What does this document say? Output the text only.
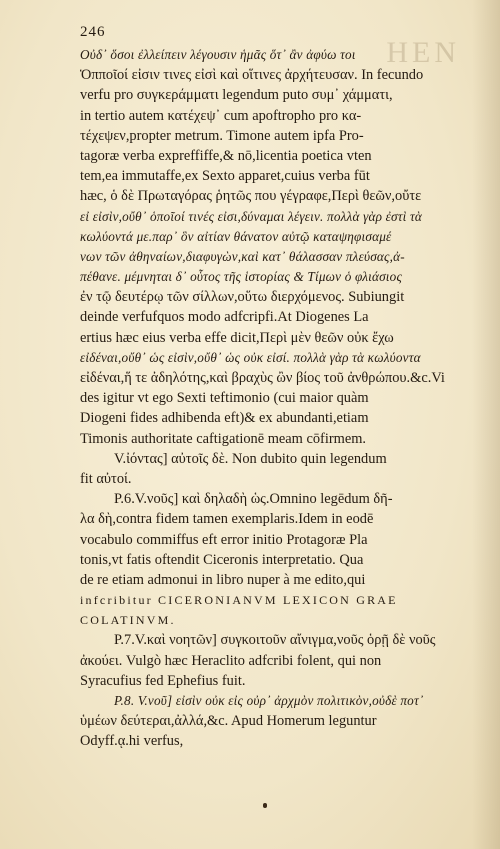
HEN
246
Οὐδ᾽ ὅσοι ἐλλείπειν λέγουσιν ἡμᾶς ὅτ᾽ ἂν ἀφύω τοι
Ὁπποῖοί εἰσιν τινες εἰσὶ καὶ οἵτινες ἀρχήτευσαν. In fecundo
verfu pro συγκεράμματι legendum puto συμ᾽ χάμματι,
in tertio autem κατέχεψ᾽ cum apoftropho pro κα-
τέχεψεν,propter metrum. Timone autem ipfa Pro-
tagoræ verba expreffiffe,& nō,licentia poetica vten
tem,ea immutaffe,ex Sexto apparet,cuius verba fūt
hæc, ὁ δὲ Πρωταγόρας ῥητῶς που γέγραφε,Περὶ θεῶν,οὔτε
εἰ εἰσὶν,οὔθ᾽ ὁποῖοί τινές εἰσι,δύναμαι λέγειν. πολλὰ γὰρ ἐστὶ τὰ
κωλύοντά με.παρ᾽ ὃν αἰτίαν θάνατον αὐτῷ καταψηφισαμέ
νων τῶν ἀθηναίων,διαφυγὼν,καὶ κατ᾽ θάλασσαν πλεύσας,ἀ-
πέθανε. μέμνηται δ᾽ οὗτος τῆς ἱστορίας & Τίμων ὁ φλιάσιος
ἐν τῷ δευτέρῳ τῶν σίλλων,οὕτω διερχόμενος. Subiungit
deinde verfufquos modo adfcripfi.At Diogenes La
ertius hæc eius verba effe dicit,Περὶ μὲν θεῶν οὐκ ἔχω
εἰδέναι,οὔθ᾽ ὡς εἰσὶν,οὔθ᾽ ὡς οὐκ εἰσί. πολλὰ γὰρ τὰ κωλύοντα
εἰδέναι,ἥ τε ἀδηλότης,καὶ βραχὺς ὢν βίος τοῦ ἀνθρώπου.&c.Vi
des igitur vt ego Sexti teftimonio (cui maior quàm
Diogeni fides adhibenda eft)& ex abundanti,etiam
Timonis authoritate caftigationē meam cōfirmem.
V.ἰόντας] αὐτοῖς δὲ. Non dubito quin legendum
fit αὐτοί.
P.6.V.νοῦς] καὶ δηλαδὴ ὡς.Omnino legēdum δῆ-
λα δὴ,contra fidem tamen exemplaris.Idem in eodē
vocabulo commiffus eft error initio Protagoræ Pla
tonis,vt fatis oftendit Ciceronis interpretatio. Qua
de re etiam admonui in libro nuper à me edito,qui
infcribitur CICERONIANVM LEXICON GRAE
COLATINVM.
P.7.V.καὶ νοητῶν] συγκοιτοῦν αἴνιγμα,νοῦς ὁρῇ δὲ νοῦς
ἀκούει. Vulgò hæc Heraclito adfcribi folent, qui non
Syracufius fed Ephefius fuit.
P.8. V.νοῦ] εἰσὶν οὐκ εἰς οὐρ᾽ ἀρχμὸν πολιτικὸν,οὐδὲ ποτ᾽
ὑμέων δεύτεραι,ἀλλά,&c. Apud Homerum leguntur
Odyff.ᾳ.hi verfus,
